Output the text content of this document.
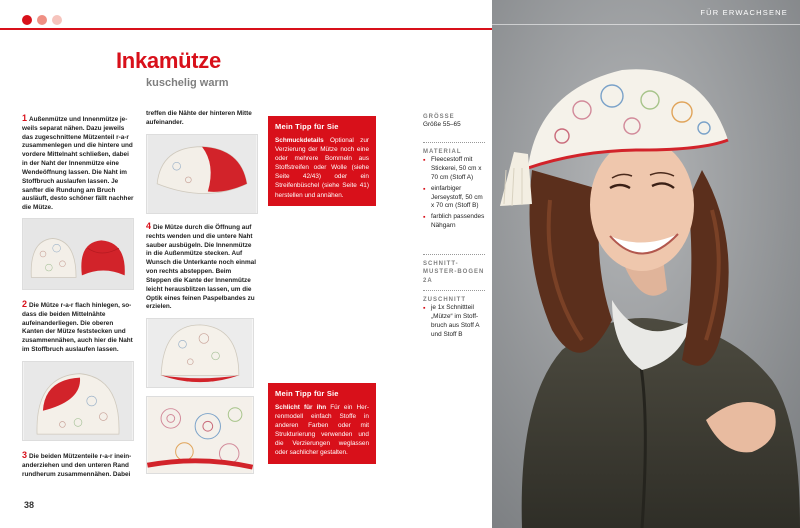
Inkamütze
kuschelig warm
1 Außenmütze und Innenmütze jeweils separat nähen. Dazu jeweils das zugeschnittene Mützenteil r-a-r zusammenlegen und die hintere und vordere Mittelnaht schließen, dabei in der Naht der Innenmütze eine Wendeöffnung lassen. Die Naht im Stoffbruch auslaufen lassen. Je sanfter die Rundung am Bruch ausläuft, desto schöner fällt nachher die Mütze.
2 Die Mütze r-a-r flach hinlegen, sodass die beiden Mittelnähte aufeinanderliegen. Die oberen Kanten der Mütze feststecken und zusammennähen, auch hier die Naht im Stoffbruch auslaufen lassen.
3 Die beiden Mützenteile r-a-r ineinanderziehen und den unteren Rand rundherum zusammennähen. Dabei
38
treffen die Nähte der hinteren Mitte aufeinander.
4 Die Mütze durch die Öffnung auf rechts wenden und die untere Naht sauber ausbügeln. Die Innenmütze in die Außenmütze stecken. Auf Wunsch die Unterkante noch einmal von rechts absteppen. Beim Steppen die Kante der Innenmütze leicht herausblitzen lassen, um die Optik eines feinen Paspelbandes zu erzielen.
Mein Tipp für Sie
Schmuckdetails Optional zur Verzierung der Mütze noch eine oder mehrere Bommeln aus Stoffstreifen oder Wolle (siehe Seite 42/43) oder ein Streifenbüschel (siehe Seite 41) herstellen und annähen.
Mein Tipp für Sie
Schlicht für ihn Für ein Herrenmodell einfach Stoffe in anderen Farben oder mit Strukturierung verwenden und die Verzierungen weglassen oder sachlicher gestalten.
GRÖSSE
Größe 55–65
MATERIAL
▪ Fleecestoff mit Stickerei, 50 cm x 70 cm (Stoff A)
▪ einfarbiger Jerseystoff, 50 cm x 70 cm (Stoff B)
▪ farblich passendes Nähgarn
SCHNITT-MUSTER-BOGEN 2A
ZUSCHNITT
▪ je 1x Schnittteil „Mütze“ im Stoffbruch aus Stoff A und Stoff B
FÜR ERWACHSENE
